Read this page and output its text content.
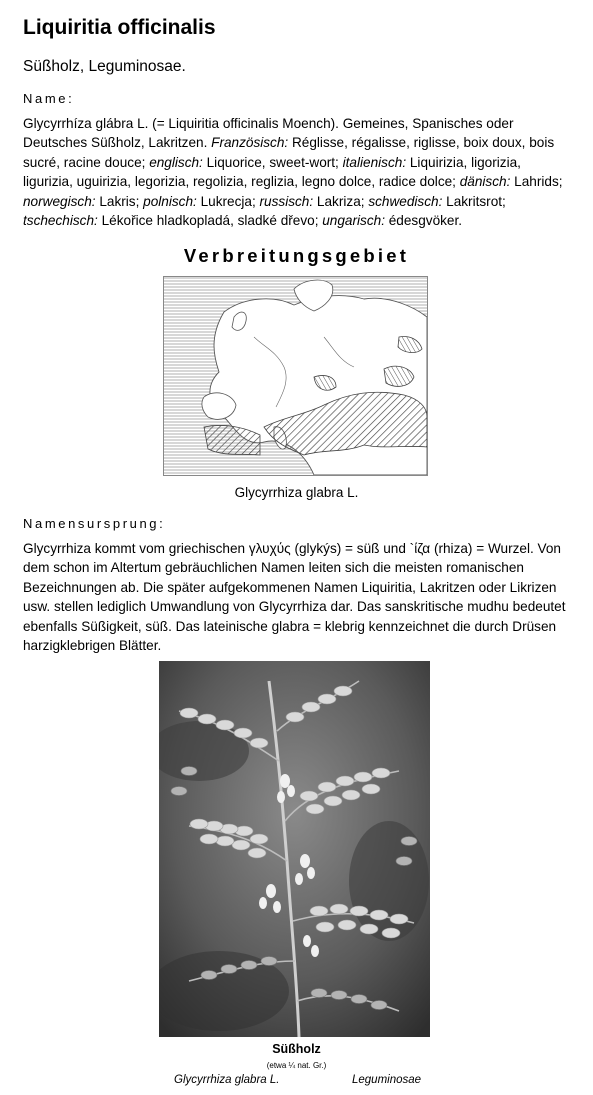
Liquiritia officinalis
Süßholz, Leguminosae.
Name:
Glycyrrhíza glábra L. (= Liquiritia officinalis Moench). Gemeines, Spanisches oder Deutsches Süßholz, Lakritzen. Französisch: Réglisse, régalisse, riglisse, boix doux, bois sucré, racine douce; englisch: Liquorice, sweet-wort; italienisch: Liquirizia, ligorizia, ligurizia, uguirizia, legorizia, regolizia, reglizia, legno dolce, radice dolce; dänisch: Lahrids; norwegisch: Lakris; polnisch: Lukrecja; russisch: Lakriza; schwedisch: Lakritsrot; tschechisch: Lékořice hladkopladá, sladké dřevo; ungarisch: édesgvöker.
Verbreitungsgebiet
Glycyrrhiza glabra L.
Namensursprung:
Glycyrrhiza kommt vom griechischen γλυχύς (glykýs) = süß und `ίζα (rhiza) = Wurzel. Von dem schon im Altertum gebräuchlichen Namen leiten sich die meisten romanischen Bezeichnungen ab. Die später aufgekommenen Namen Liquiritia, Lakritzen oder Likrizen usw. stellen lediglich Umwandlung von Glycyrrhiza dar. Das sanskritische mudhu bedeutet ebenfalls Süßigkeit, süß. Das lateinische glabra = klebrig kennzeichnet die durch Drüsen harzigklebrigen Blätter.
Süßholz
(etwa ¼ nat. Gr.)
Glycyrrhiza glabra L.	Leguminosae
